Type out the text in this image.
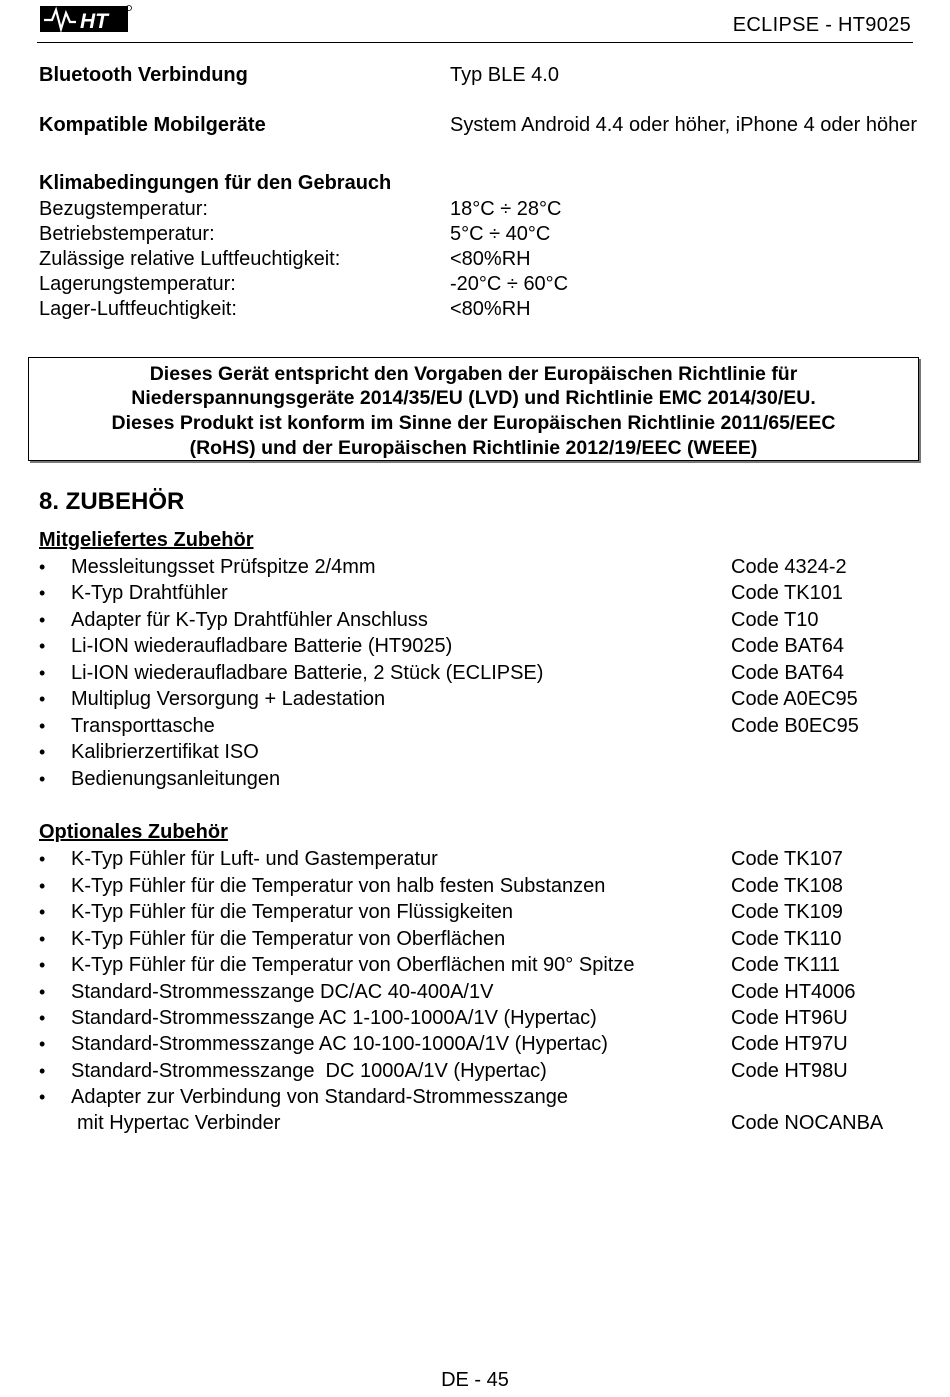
HT	ECLIPSE - HT9025
Bluetooth Verbindung	Typ BLE 4.0
Kompatible Mobilgeräte	System Android 4.4 oder höher, iPhone 4 oder höher
Klimabedingungen für den Gebrauch
Bezugstemperatur:	18°C ÷ 28°C
Betriebstemperatur:	5°C ÷ 40°C
Zulässige relative Luftfeuchtigkeit:	<80%RH
Lagerungstemperatur:	-20°C ÷ 60°C
Lager-Luftfeuchtigkeit:	<80%RH
Dieses Gerät entspricht den Vorgaben der Europäischen Richtlinie für
Niederspannungsgeräte 2014/35/EU (LVD) und Richtlinie EMC 2014/30/EU.
Dieses Produkt ist konform im Sinne der Europäischen Richtlinie 2011/65/EEC
(RoHS) und der Europäischen Richtlinie 2012/19/EEC (WEEE)
8. ZUBEHÖR
Mitgeliefertes Zubehör
• Messleitungsset Prüfspitze 2/4mm	Code 4324-2
• K-Typ Drahtfühler	Code TK101
• Adapter für K-Typ Drahtfühler Anschluss	Code T10
• Li-ION wiederaufladbare Batterie (HT9025)	Code BAT64
• Li-ION wiederaufladbare Batterie, 2 Stück (ECLIPSE)	Code BAT64
• Multiplug Versorgung + Ladestation	Code A0EC95
• Transporttasche	Code B0EC95
• Kalibrierzertifikat ISO
• Bedienungsanleitungen
Optionales Zubehör
• K-Typ Fühler für Luft- und Gastemperatur	Code TK107
• K-Typ Fühler für die Temperatur von halb festen Substanzen	Code TK108
• K-Typ Fühler für die Temperatur von Flüssigkeiten	Code TK109
• K-Typ Fühler für die Temperatur von Oberflächen	Code TK110
• K-Typ Fühler für die Temperatur von Oberflächen mit 90° Spitze	Code TK111
• Standard-Strommesszange DC/AC 40-400A/1V	Code HT4006
• Standard-Strommesszange AC 1-100-1000A/1V (Hypertac)	Code HT96U
• Standard-Strommesszange AC 10-100-1000A/1V (Hypertac)	Code HT97U
• Standard-Strommesszange  DC 1000A/1V (Hypertac)	Code HT98U
• Adapter zur Verbindung von Standard-Strommesszange
mit Hypertac Verbinder	Code NOCANBA
DE - 45
